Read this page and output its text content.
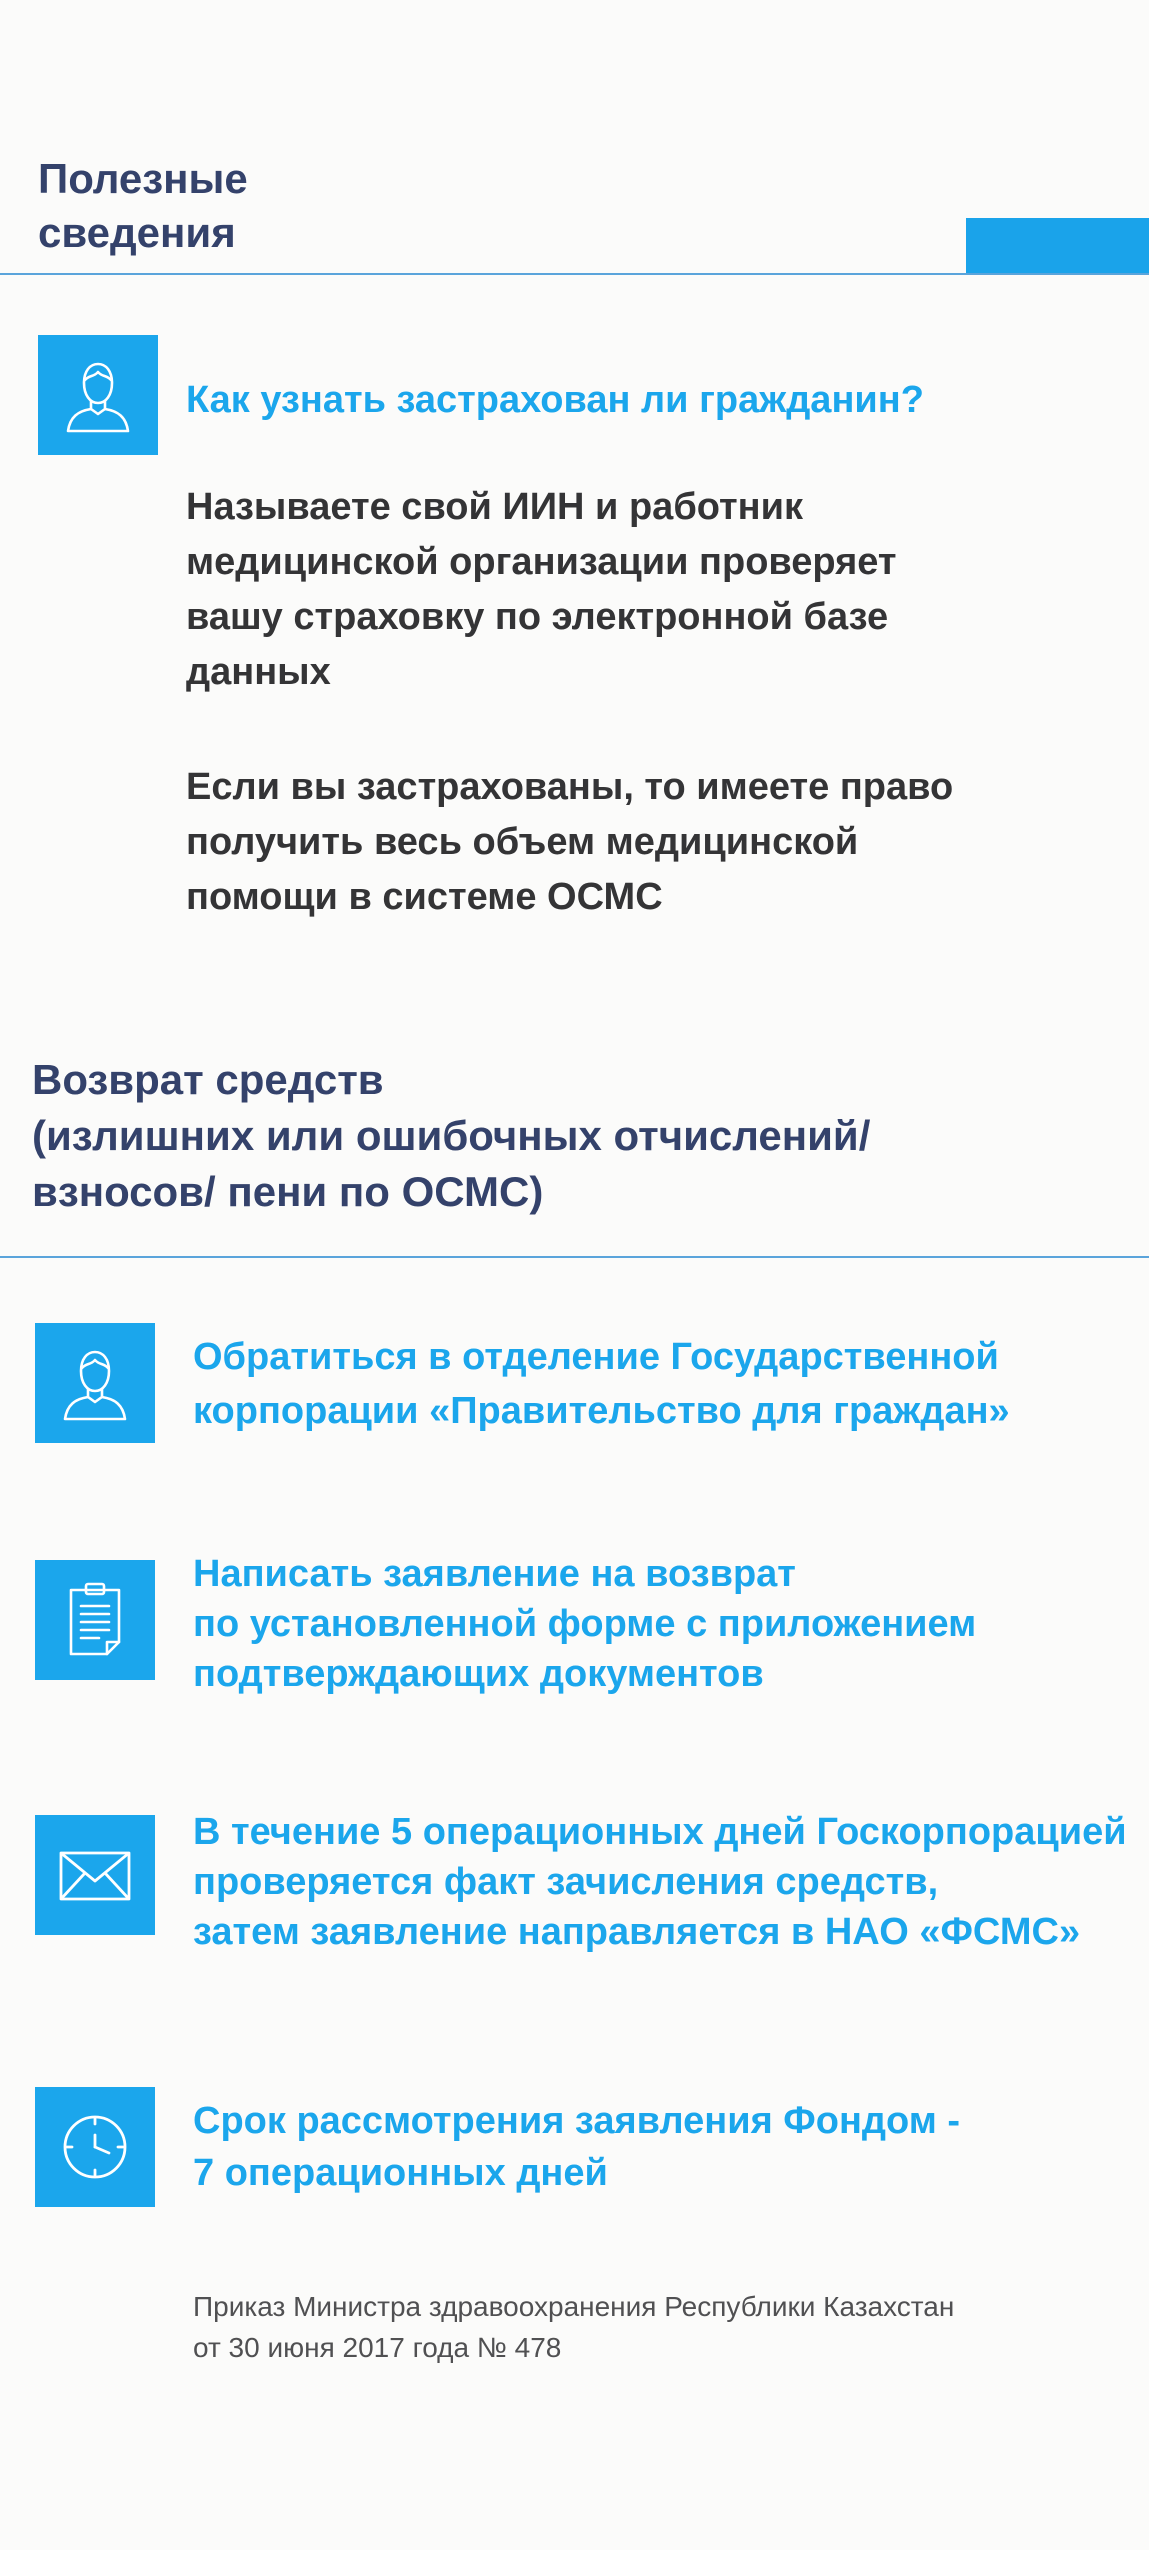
Полезные

сведения

Как узнать застрахован ли гражданин?

Называете свой ИИН и работник

медицинской организации проверяет

вашу страховку по электронной базе

данных

Если вы застрахованы, то имеете право

получить весь объем медицинской

помощи в системе ОСМС

Возврат средств

(излишних или ошибочных отчислений/

взносов/ пени по ОСМС)

Обратиться в отделение Государственной

корпорации «Правительство для граждан»

Написать заявление на возврат

по установленной форме с приложением

подтверждающих документов

В течение 5 операционных дней Госкорпорацией

проверяется факт зачисления средств,

затем заявление направляется в НАО «ФСМС»

Срок рассмотрения заявления Фондом -

7 операционных дней

Приказ Министра здравоохранения Республики Казахстан

от 30 июня 2017 года № 478
